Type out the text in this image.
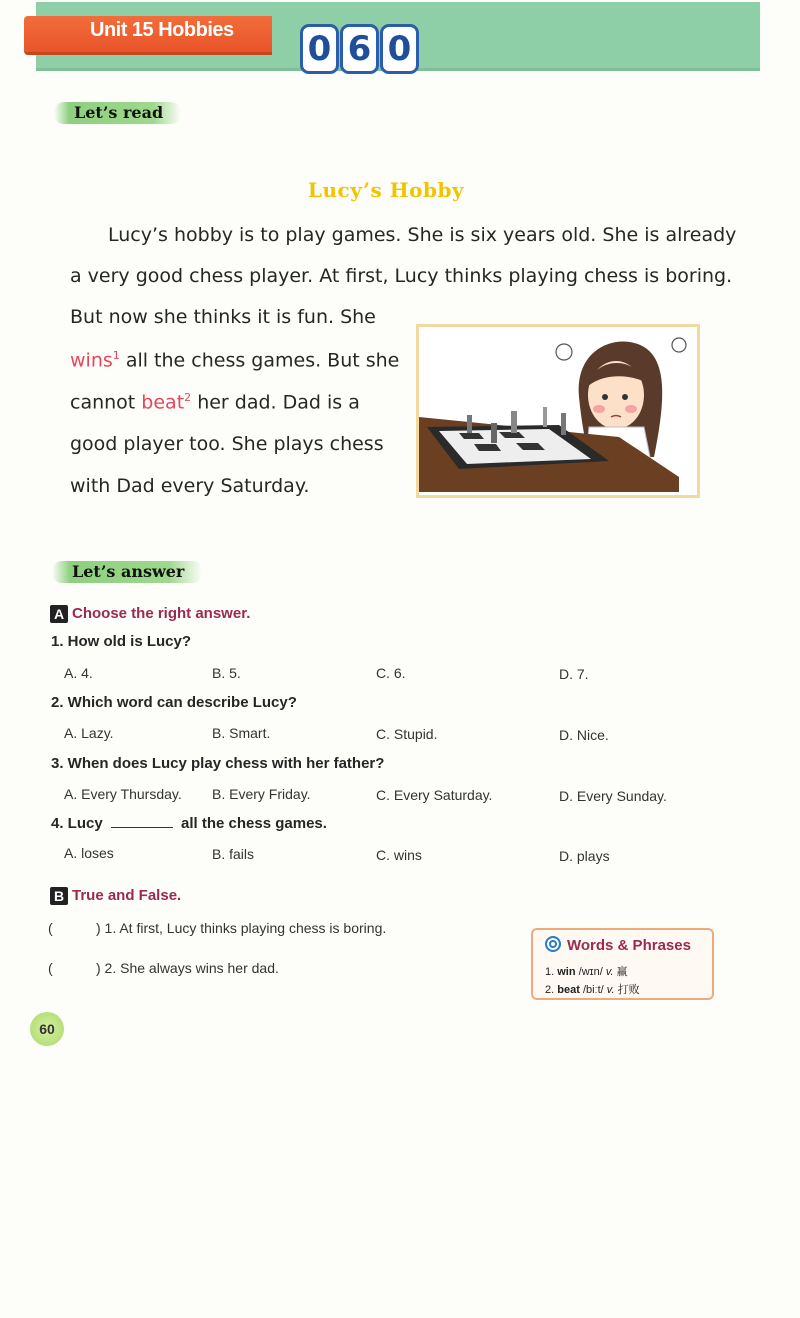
Unit 15 Hobbies 0 6 0
Let’s read
Lucy’s Hobby
Lucy’s hobby is to play games. She is six years old. She is already
a very good chess player. At first, Lucy thinks playing chess is boring.
But now she thinks it is fun. She
wins$^1$ all the chess games. But she
cannot beat$^2$ her dad. Dad is a
good player too. She plays chess
with Dad every Saturday.
Let’s answer
A Choose the right answer.
1. How old is Lucy?
A. 4.	B. 5.	C. 6.	D. 7.
2. Which word can describe Lucy?
A. Lazy.	B. Smart.	C. Stupid.	D. Nice.
3. When does Lucy play chess with her father?
A. Every Thursday. B. Every Friday.	C. Every Saturday.	D. Every Sunday.
4. Lucy	all the chess games.
A. loses	B. fails	C. wins	D. plays
B True and False.
(	) 1. At first, Lucy thinks playing chess is boring.
(	) 2. She always wins her dad.
Words & Phrases
1. win /wɪn/ v. 赢
2. beat /biːt/ v. 打败
60
